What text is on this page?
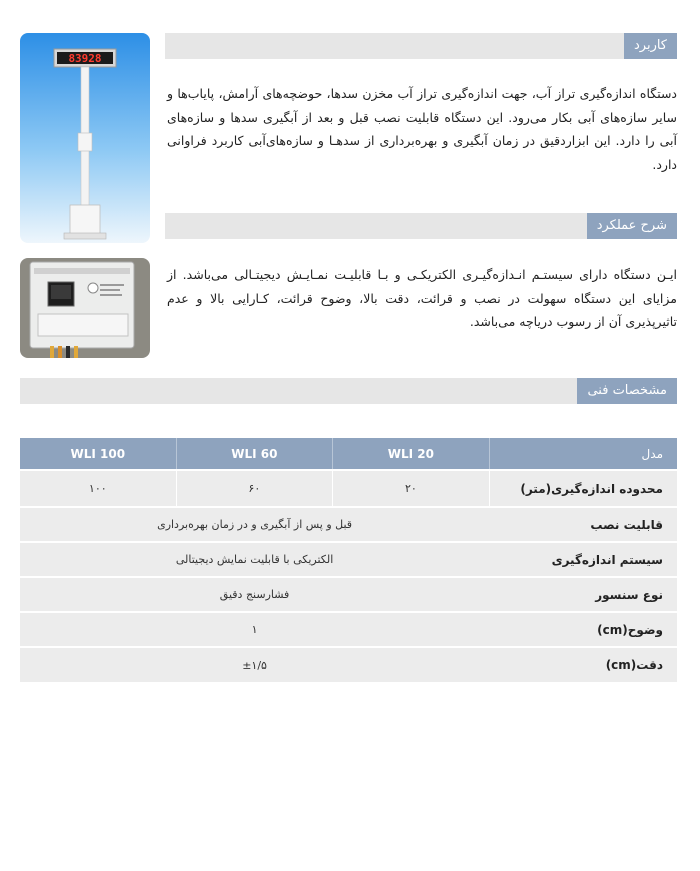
83928
کاربرد
دستگاه اندازه‌گیری تراز آب، جهت اندازه‌گیری تراز آب مخزن سدها، حوضچه‌های آرامش، پایاب‌ها و سایر سازه‌های آبی بکار می‌رود. این دستگاه قابلیت نصب قبل و بعد از آبگیری سدها و سازه‌های آبی را دارد. این ابزاردقیق در زمان آبگیری و بهره‌برداری از سدهـا و سازه‌های‌آبی کاربرد فراوانی دارد.
شرح عملکرد
ایـن دستگاه دارای سیستـم انـدازه‌گیـری الکتریکـی و بـا قابلیـت نمـایـش دیجیتـالی می‌باشد. از مزایای این دستگاه سهولت در نصب و قرائت، دقت بالا، وضوح قرائت، کـارایی بالا و عدم تاثیرپذیری آن از رسوب دریاچه می‌باشد.
مشخصات فنی
WLI 100	WLI 60	WLI 20	مدل
۱۰۰	۶۰	۲۰	محدوده اندازه‌گیری(متر)
قبل و پس از آبگیری و در زمان بهره‌برداری			قابلیت نصب
الکتریکی با قابلیت نمایش دیجیتالی			سیستم اندازه‌گیری
فشارسنج دقیق			نوع سنسور
۱			وضوح(cm)
±۱/۵			دقت(cm)
